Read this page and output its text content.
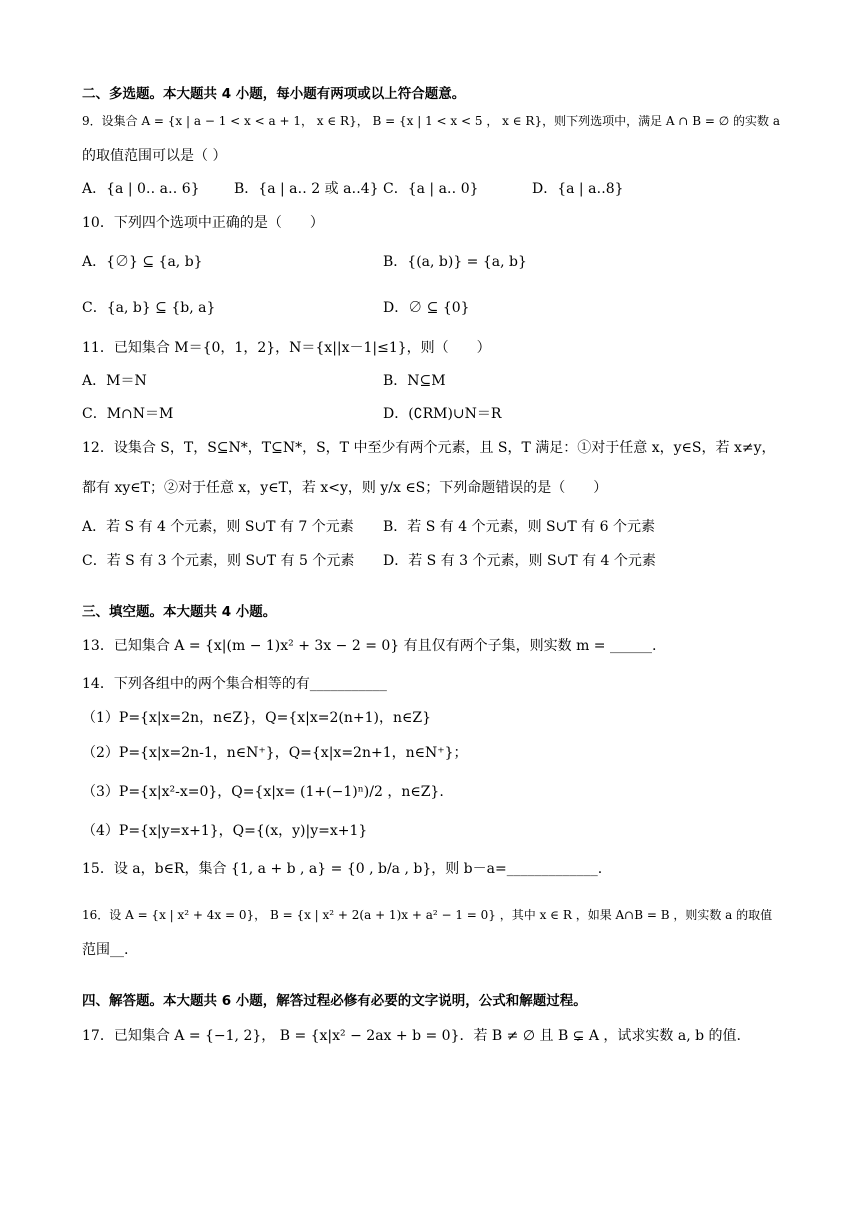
二、多选题。本大题共 4 小题，每小题有两项或以上符合题意。
9．设集合 A = {x | a − 1 < x < a + 1， x ∈ R}， B = {x | 1 < x < 5 ， x ∈ R}，则下列选项中，满足 A ∩ B = ∅ 的实数 a
的取值范围可以是（ ）
A．{a | 0‥ a‥ 6} B．{a | a‥ 2 或 a‥4} C．{a | a‥ 0}	D．{a | a‥8}
10．下列四个选项中正确的是（　　）
A．{∅} ⊆ {a, b}	B．{(a, b)} = {a, b}
C．{a, b} ⊆ {b, a}	D．∅ ⊆ {0}
11．已知集合 M＝{0，1，2}，N＝{x||x－1|≤1}，则（　　）
A．M＝N	B．N⊆M
C．M∩N＝M	D．(∁RM)∪N＝R
12．设集合 S，T，S⊆N*，T⊆N*，S，T 中至少有两个元素，且 S，T 满足：①对于任意 x，y∈S，若 x≠y，
都有 xy∈T；②对于任意 x，y∈T，若 x<y，则 y/x ∈S；下列命题错误的是（　　）
A．若 S 有 4 个元素，则 S∪T 有 7 个元素 B．若 S 有 4 个元素，则 S∪T 有 6 个元素
C．若 S 有 3 个元素，则 S∪T 有 5 个元素 D．若 S 有 3 个元素，则 S∪T 有 4 个元素
三、填空题。本大题共 4 小题。
13．已知集合 A = {x|(m − 1)x² + 3x − 2 = 0} 有且仅有两个子集，则实数 m = ______.
14．下列各组中的两个集合相等的有___________
（1）P={x|x=2n，n∈Z}，Q={x|x=2(n+1)，n∈Z}
（2）P={x|x=2n-1，n∈N⁺}，Q={x|x=2n+1，n∈N⁺}；
（3）P={x|x²-x=0}，Q={x|x= (1+(−1)ⁿ)/2 ，n∈Z}.
（4）P={x|y=x+1}，Q={(x，y)|y=x+1}
15．设 a，b∈R，集合 {1, a + b , a} = {0 , b/a , b}，则 b－a=_____________.
16．设 A = {x | x² + 4x = 0}， B = {x | x² + 2(a + 1)x + a² − 1 = 0} ，其中 x ∈ R ，如果 A∩B = B ，则实数 a 的取值
范围__.
四、解答题。本大题共 6 小题，解答过程必修有必要的文字说明，公式和解题过程。
17．已知集合 A = {−1, 2}， B = {x|x² − 2ax + b = 0}．若 B ≠ ∅ 且 B ⊊ A ，试求实数 a, b 的值.
